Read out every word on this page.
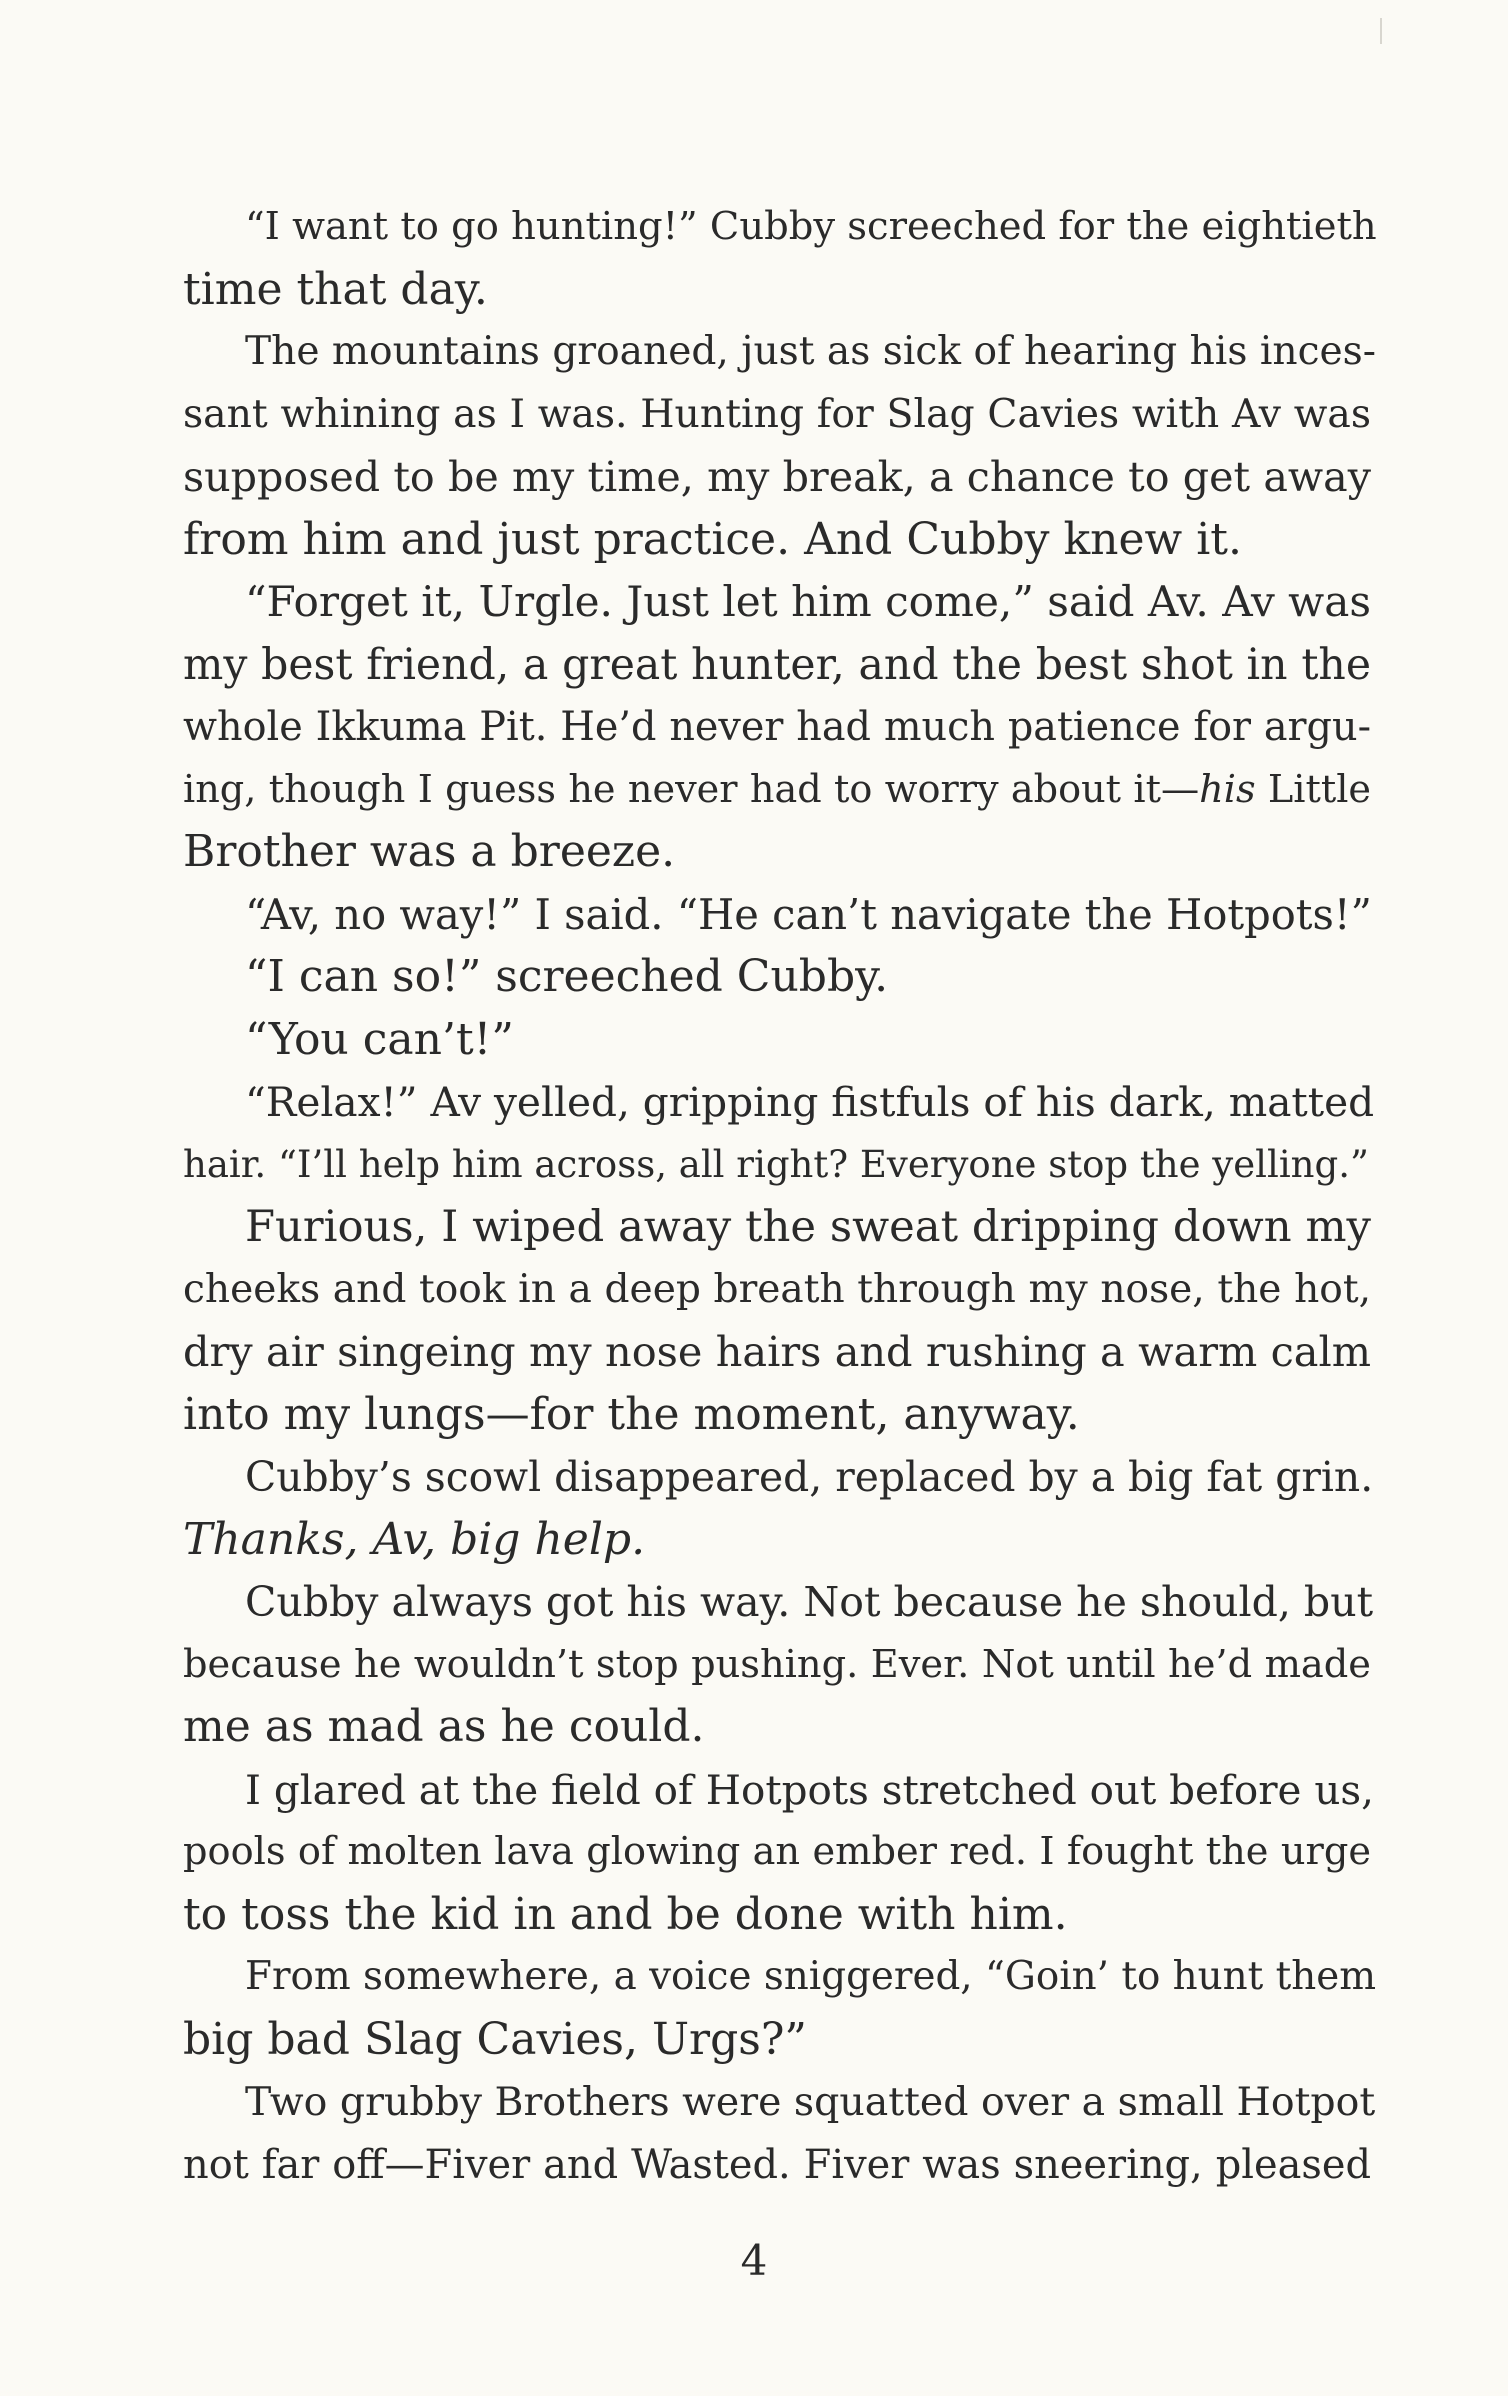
“I want to go hunting!” Cubby screeched for the eightieth
time that day.
The mountains groaned, just as sick of hearing his inces-
sant whining as I was. Hunting for Slag Cavies with Av was
supposed to be my time, my break, a chance to get away
from him and just practice. And Cubby knew it.
“Forget it, Urgle. Just let him come,” said Av. Av was
my best friend, a great hunter, and the best shot in the
whole Ikkuma Pit. He’d never had much patience for argu-
ing, though I guess he never had to worry about it—his Little
Brother was a breeze.
“Av, no way!” I said. “He can’t navigate the Hotpots!”
“I can so!” screeched Cubby.
“You can’t!”
“Relax!” Av yelled, gripping fistfuls of his dark, matted
hair. “I’ll help him across, all right? Everyone stop the yelling.”
Furious, I wiped away the sweat dripping down my
cheeks and took in a deep breath through my nose, the hot,
dry air singeing my nose hairs and rushing a warm calm
into my lungs—for the moment, anyway.
Cubby’s scowl disappeared, replaced by a big fat grin.
Thanks, Av, big help.
Cubby always got his way. Not because he should, but
because he wouldn’t stop pushing. Ever. Not until he’d made
me as mad as he could.
I glared at the field of Hotpots stretched out before us,
pools of molten lava glowing an ember red. I fought the urge
to toss the kid in and be done with him.
From somewhere, a voice sniggered, “Goin’ to hunt them
big bad Slag Cavies, Urgs?”
Two grubby Brothers were squatted over a small Hotpot
not far off—Fiver and Wasted. Fiver was sneering, pleased
4
